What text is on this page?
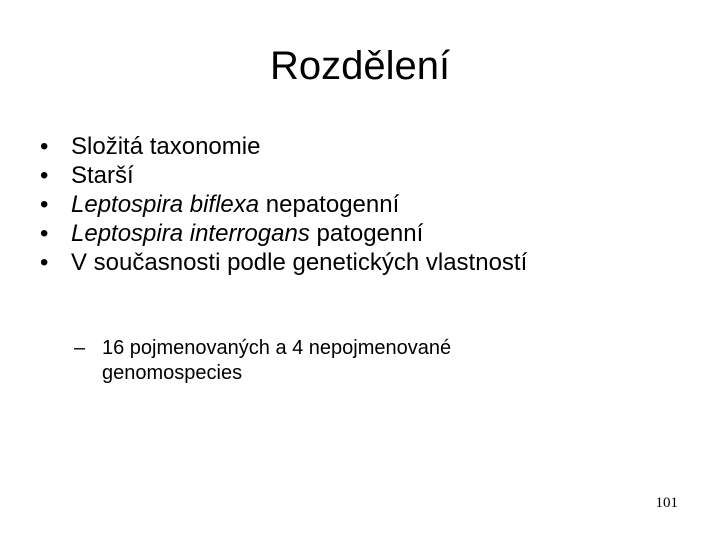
Rozdělení
• Složitá taxonomie
• Starší
• Leptospira biflexa nepatogenní
• Leptospira interrogans patogenní
• V současnosti podle genetických vlastností
– 16 pojmenovaných a 4 nepojmenované genomospecies
101
